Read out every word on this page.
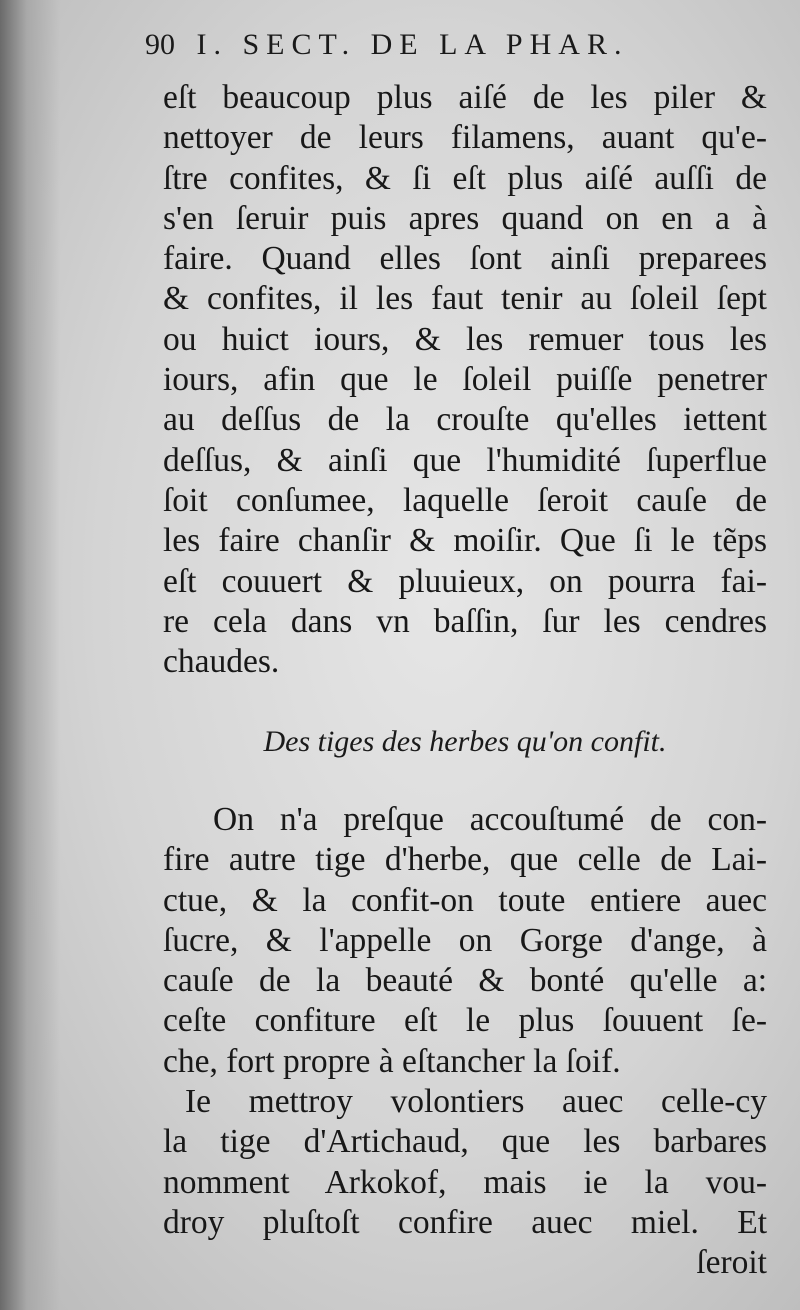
90 I. SECT. DE LA PHAR.
eſt beaucoup plus aiſé de les piler &
nettoyer de leurs filamens, auant qu'e-
ſtre confites, & ſi eſt plus aiſé auſſi de
s'en ſeruir puis apres quand on en a à
faire. Quand elles ſont ainſi preparees
& confites, il les faut tenir au ſoleil ſept
ou huict iours, & les remuer tous les
iours, afin que le ſoleil puiſſe penetrer
au deſſus de la crouſte qu'elles iettent
deſſus, & ainſi que l'humidité ſuperflue
ſoit conſumee, laquelle ſeroit cauſe de
les faire chanſir & moiſir. Que ſi le tẽps
eſt couuert & pluuieux, on pourra fai-
re cela dans vn baſſin, ſur les cendres
chaudes.
Des tiges des herbes qu'on confit.
On n'a preſque accouſtumé de con-
fire autre tige d'herbe, que celle de Lai-
ctue, & la confit-on toute entiere auec
ſucre, & l'appelle on Gorge d'ange, à
cauſe de la beauté & bonté qu'elle a:
ceſte confiture eſt le plus ſouuent ſe-
che, fort propre à eſtancher la ſoif.
Ie mettroy volontiers auec celle-cy
la tige d'Artichaud, que les barbares
nomment Arkokof, mais ie la vou-
droy pluſtoſt confire auec miel. Et
ſeroit
